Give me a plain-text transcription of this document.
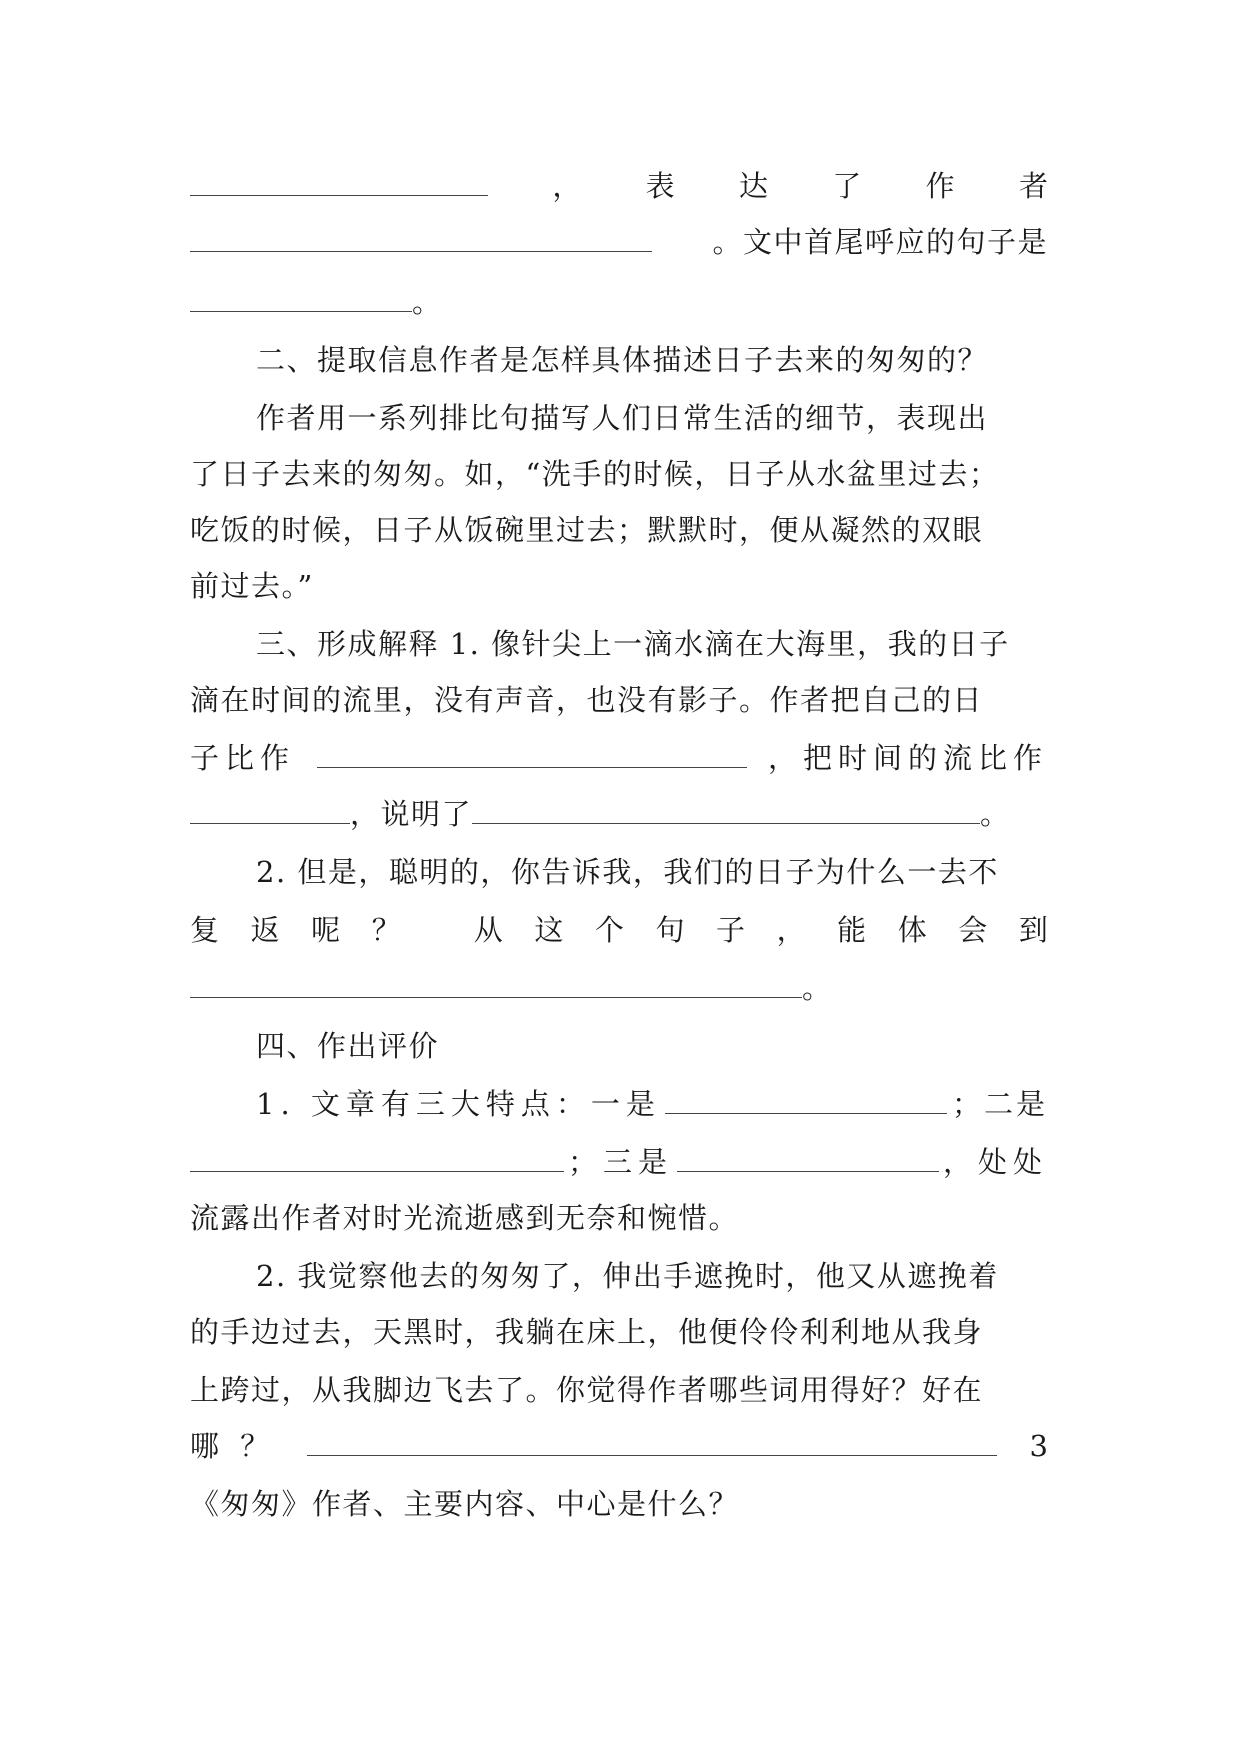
， 表 达 了 作 者
。文中首尾呼应的句子是
。
二、提取信息作者是怎样具体描述日子去来的匆匆的？
作者用一系列排比句描写人们日常生活的细节，表现出
了日子去来的匆匆。如，“洗手的时候，日子从水盆里过去；
吃饭的时候，日子从饭碗里过去；默默时，便从凝然的双眼
前过去。”
三、形成解释 1. 像针尖上一滴水滴在大海里，我的日子
滴在时间的流里，没有声音，也没有影子。作者把自己的日
子比作	，把时间的流比作
，说明了	。
2. 但是，聪明的，你告诉我，我们的日子为什么一去不
复 返 呢 ？	从 这 个 句 子 ， 能 体 会 到
。
四、作出评价
1. 文章有三大特点：一是	；二是
；三是	，处处
流露出作者对时光流逝感到无奈和惋惜。
2. 我觉察他去的匆匆了，伸出手遮挽时，他又从遮挽着
的手边过去，天黑时，我躺在床上，他便伶伶利利地从我身
上跨过，从我脚边飞去了。你觉得作者哪些词用得好？好在
哪 ？	3
《匆匆》作者、主要内容、中心是什么？
